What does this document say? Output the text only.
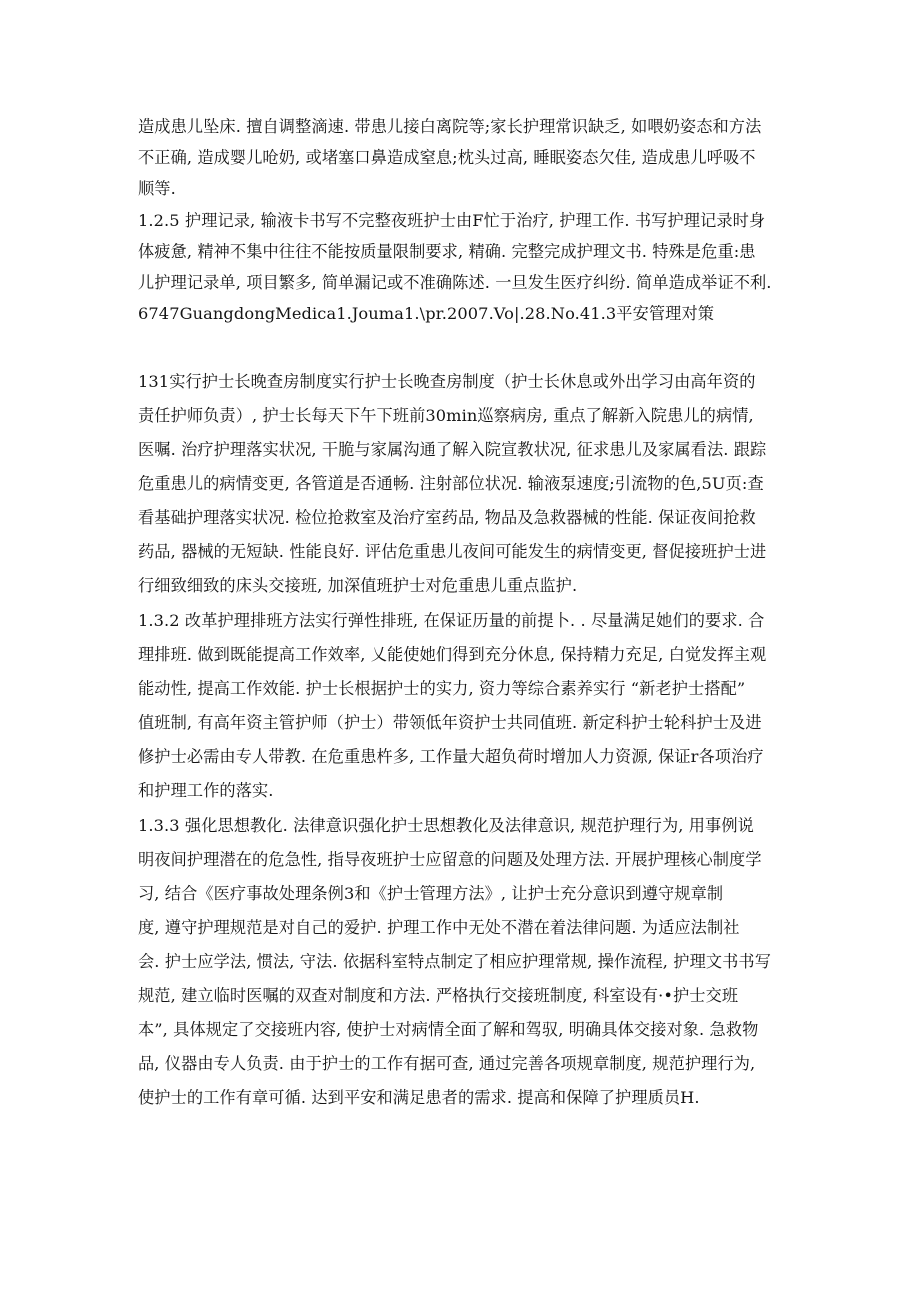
造成患儿坠床. 擅自调整滴速. 带患儿接白离院等;家长护理常识缺乏, 如喂奶姿态和方法

不正确, 造成婴儿呛奶, 或堵塞口鼻造成窒息;枕头过高, 睡眠姿态欠佳, 造成患儿呼吸不

顺等.

1.2.5 护理记录, 输液卡书写不完整夜班护士由F忙于治疗, 护理工作. 书写护理记录时身

体疲惫, 精神不集中往往不能按质量限制要求, 精确. 完整完成护理文书. 特殊是危重:患

儿护理记录单, 项目繁多, 简单漏记或不准确陈述. 一旦发生医疗纠纷. 简单造成举证不利.

6747GuangdongMedica1.Jouma1.\pr.2007.Vo|.28.No.41.3平安管理对策

131实行护士长晚查房制度实行护士长晚查房制度（护士长休息或外出学习由高年资的

责任护师负责）, 护士长每天下午下班前30min巡察病房, 重点了解新入院患儿的病情,

医嘱. 治疗护理落实状况, 干脆与家属沟通了解入院宣教状况, 征求患儿及家属看法. 跟踪

危重患儿的病情变更, 各管道是否通畅. 注射部位状况. 输液泵速度;引流物的色,5U页:查

看基础护理落实状况. 检位抢救室及治疗室药品, 物品及急救器械的性能. 保证夜间抢救

药品, 器械的无短缺. 性能良好. 评估危重患儿夜间可能发生的病情变更, 督促接班护士进

行细致细致的床头交接班, 加深值班护士对危重患儿重点监护.

1.3.2 改革护理排班方法实行弹性排班, 在保证历量的前提卜. . 尽量满足她们的要求. 合

理排班. 做到既能提高工作效率, 乂能使她们得到充分休息, 保持精力充足, 白觉发挥主观

能动性, 提高工作效能. 护士长根据护士的实力, 资力等综合素养实行 “新老护士搭配”

值班制, 有高年资主管护师（护士）带领低年资护士共同值班. 新定科护士轮科护士及进

修护士必需由专人带教. 在危重患杵多, 工作量大超负荷时增加人力资源, 保证r各项治疗

和护理工作的落实.

1.3.3 强化思想教化. 法律意识强化护士思想教化及法律意识, 规范护理行为, 用事例说

明夜间护理潜在的危急性, 指导夜班护士应留意的问题及处理方法. 开展护理核心制度学

习, 结合《医疗事故处理条例3和《护士管理方法》, 让护士充分意识到遵守规章制

度, 遵守护理规范是对自己的爱护. 护理工作中无处不潜在着法律问题. 为适应法制社

会. 护士应学法, 惯法, 守法. 依据科室特点制定了相应护理常规, 操作流程, 护理文书书写

规范, 建立临时医嘱的双查对制度和方法. 严格执行交接班制度, 科室设有·•护士交班

本”, 具体规定了交接班内容, 使护士对病情全面了解和驾驭, 明确具体交接对象. 急救物

品, 仪器由专人负责. 由于护士的工作有据可查, 通过完善各项规章制度, 规范护理行为,

使护士的工作有章可循. 达到平安和满足患者的需求. 提高和保障了护理质员H.
